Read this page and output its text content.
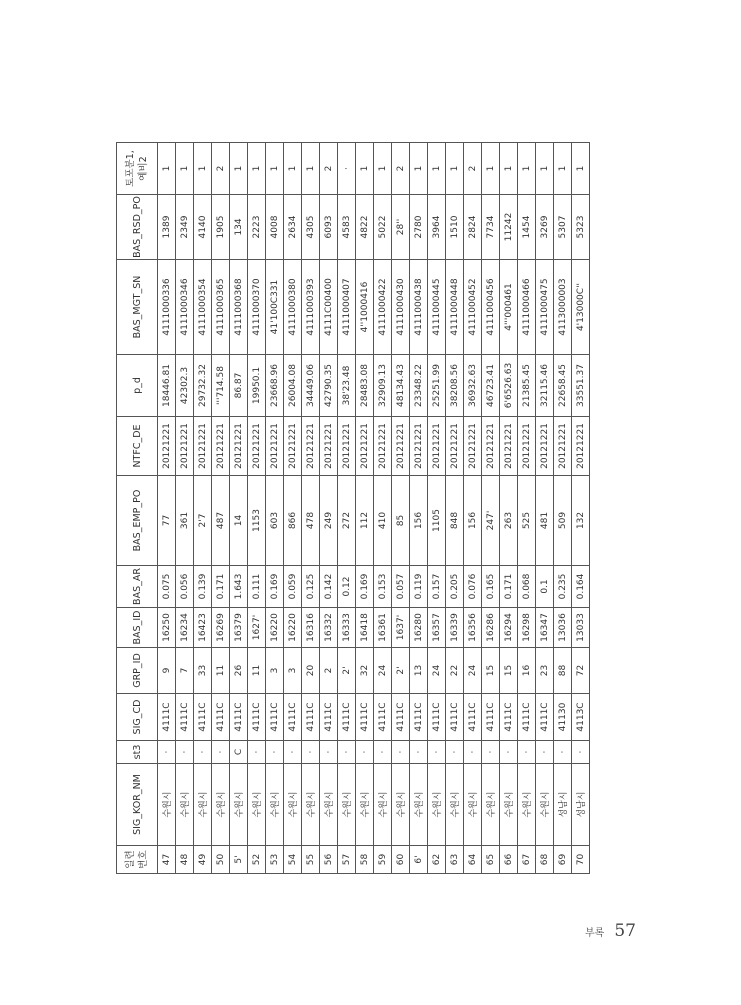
일련
번호	SIG_KOR_NM	st3	SIG_CD	GRP_ID	BAS_ID	BAS_AR	BAS_EMP_PO	NTFC_DE	p_d	BAS_MGT_SN	BAS_RSD_PO	토포분1,
예비2
47	수원시	·	4111C	9	16250	0.075	77	20121221	18446.81	4111000336	1389	1
48	수원시	·	4111C	7	16234	0.056	361	20121221	42302.3	4111000346	2349	1
49	수원시	·	4111C	33	16423	0.139	2'7	20121221	29732.32	4111000354	4140	1
50	수원시	·	4111C	11	16269	0.171	487	20121221	'''714.58	4111000365	1905	2
5'	수원시	C	4111C	26	16379	1.643	14	20121221	86.87	4111000368	134	1
52	수원시	·	4111C	11	1627'	0.111	1153	20121221	19950.1	4111000370	2223	1
53	수원시	·	4111C	3	16220	0.169	603	20121221	23668.96	41'100C331	4008	1
54	수원시	·	4111C	3	16220	0.059	866	20121221	26004.08	4111000380	2634	1
55	수원시	·	4111C	20	16316	0.125	478	20121221	34449.06	4111000393	4305	1
56	수원시	·	4111C	2	16332	0.142	249	20121221	42790.35	4111C00400	6093	2
57	수원시	·	4111C	2'	16333	0.12	272	20121221	38'23.48	4111000407	4583	·
58	수원시	·	4111C	32	16418	0.169	112	20121221	28483.08	4''1000416	4822	1
59	수원시	·	4111C	24	16361	0.153	410	20121221	32909.13	4111000422	5022	1
60	수원시	·	4111C	2'	1637'	0.057	85	20121221	48134.43	4111000430	28''	2
6'	수원시	·	4111C	13	16280	0.119	156	20121221	23348.22	4111000438	2780	1
62	수원시	·	4111C	24	16357	0.157	1105	20121221	25251.99	4111000445	3964	1
63	수원시	·	4111C	22	16339	0.205	848	20121221	38208.56	4111000448	1510	1
64	수원시	·	4111C	24	16356	0.076	156	20121221	36932.63	4111000452	2824	2
65	수원시	·	4111C	15	16286	0.165	247'	20121221	46723.41	4111000456	7734	1
66	수원시	·	4111C	15	16294	0.171	263	20121221	6'6526.63	4'''000461	11242	1
67	수원시	·	4111C	16	16298	0.068	525	20121221	21385.45	4111000466	1454	1
68	수원시	·	4111C	23	16347	0.1	481	20121221	32115.46	4111000475	3269	1
69	성남시	·	41130	88	13036	0.235	509	20121221	22658.45	4113000003	5307	1
70	성남시	·	4113C	72	13033	0.164	132	20121221	33551.37	4'13000C''	5323	1
부록 57
